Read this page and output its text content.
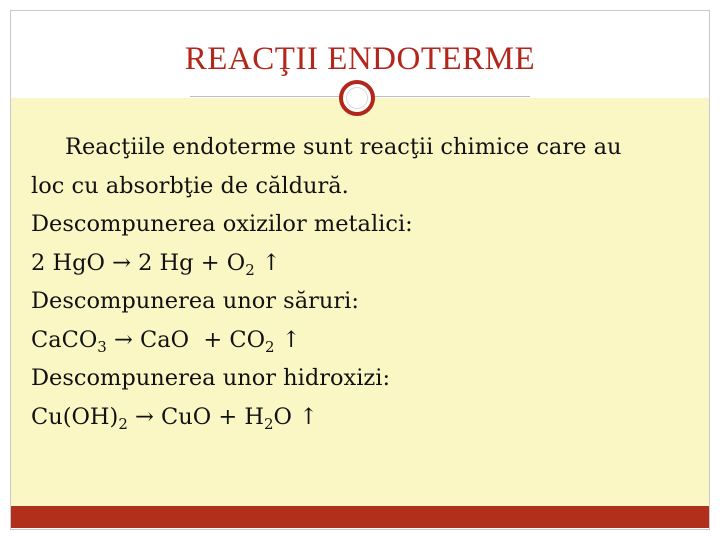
REACŢII ENDOTERME
Reacţiile endoterme sunt reacţii chimice care au
loc cu absorbţie de căldură.
Descompunerea oxizilor metalici:
2 HgO → 2 $Hg + O_2$ ↑
Descompunerea unor săruri:
CaCO$_3$ → CaO  + $CO_2$ ↑
Descompunerea unor hidroxizi:
$Cu(OH)_2$ → CuO + $H_2O$ ↑
